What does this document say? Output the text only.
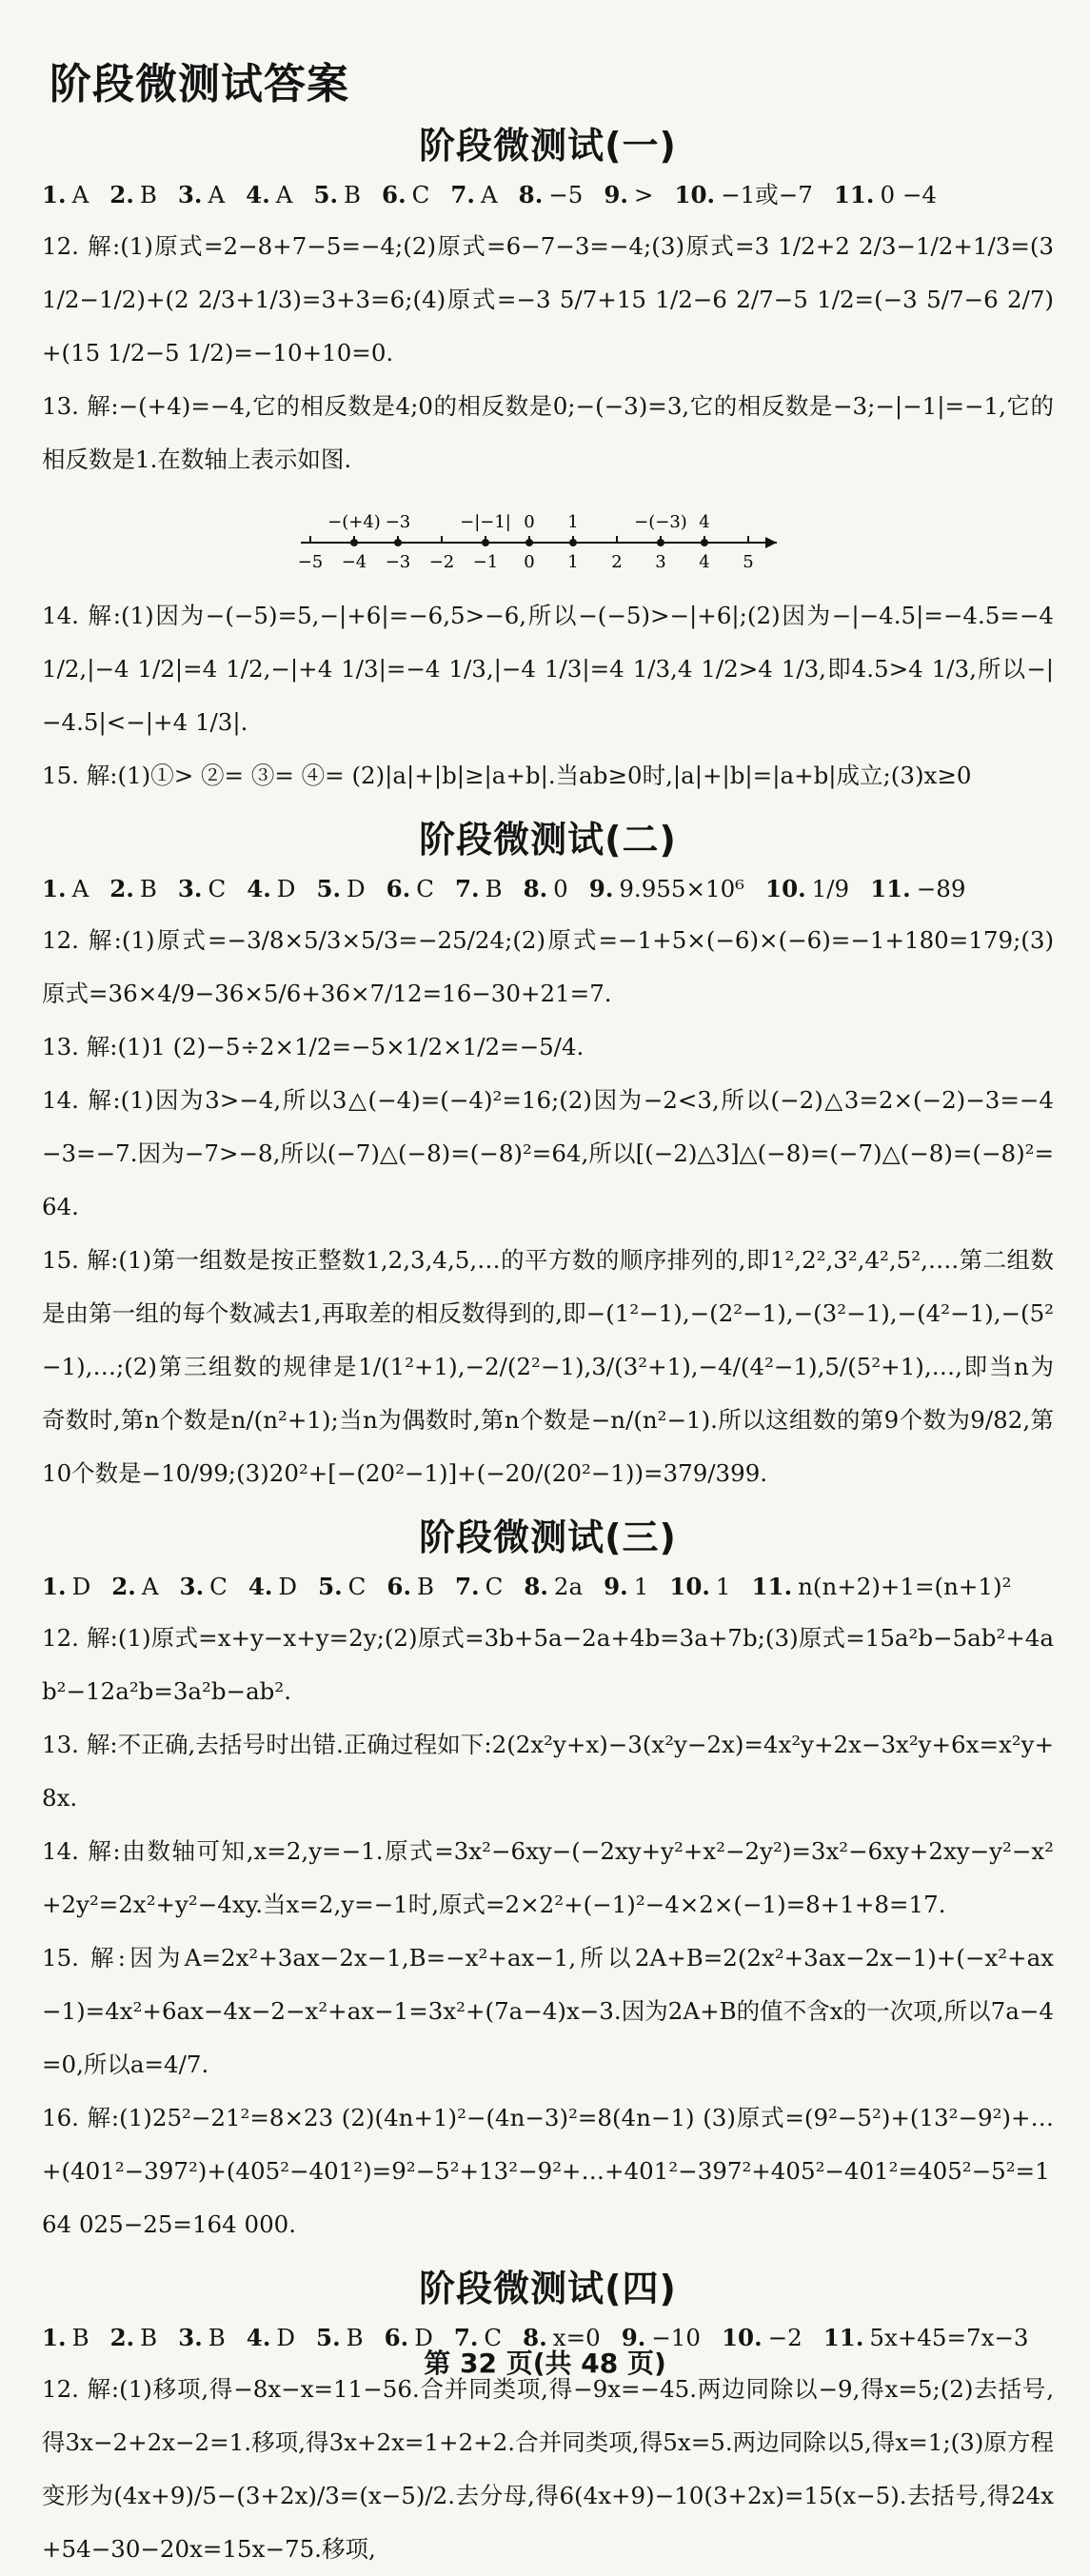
阶段微测试答案
阶段微测试(一)
1. A 2. B 3. A 4. A 5. B 6. C 7. A 8. −5 9. > 10. −1或−7 11. 0 −4

12. 解:(1)原式=2−8+7−5=−4;(2)原式=6−7−3=−4;(3)原式=3 1/2+2 2/3−1/2+1/3=(3 1/2−1/2)+(2 2/3+1/3)=3+3=6;(4)原式=−3 5/7+15 1/2−6 2/7−5 1/2=(−3 5/7−6 2/7)+(15 1/2−5 1/2)=−10+10=0.

13. 解:−(+4)=−4,它的相反数是4;0的相反数是0;−(−3)=3,它的相反数是−3;−|−1|=−1,它的相反数是1.在数轴上表示如图.

−5 −4 −3 −2 −1 0 1 2 3 4 5
−(+4) −3	−|−1| 0 1	−(−3) 4

14. 解:(1)因为−(−5)=5,−|+6|=−6,5>−6,所以−(−5)>−|+6|;(2)因为−|−4.5|=−4.5=−4 1/2,|−4 1/2|=4 1/2,−|+4 1/3|=−4 1/3,|−4 1/3|=4 1/3,4 1/2>4 1/3,即4.5>4 1/3,所以−|−4.5|<−|+4 1/3|.

15. 解:(1)①> ②= ③= ④= (2)|a|+|b|≥|a+b|.当ab≥0时,|a|+|b|=|a+b|成立;(3)x≥0

阶段微测试(二)
1. A 2. B 3. C 4. D 5. D 6. C 7. B 8. 0 9. 9.955×10⁶ 10. 1/9 11. −89

12. 解:(1)原式=−3/8×5/3×5/3=−25/24;(2)原式=−1+5×(−6)×(−6)=−1+180=179;(3)原式=36×4/9−36×5/6+36×7/12=16−30+21=7.

13. 解:(1)1 (2)−5÷2×1/2=−5×1/2×1/2=−5/4.

14. 解:(1)因为3>−4,所以3△(−4)=(−4)²=16;(2)因为−2<3,所以(−2)△3=2×(−2)−3=−4−3=−7.因为−7>−8,所以(−7)△(−8)=(−8)²=64,所以[(−2)△3]△(−8)=(−7)△(−8)=(−8)²=64.

15. 解:(1)第一组数是按正整数1,2,3,4,5,…的平方数的顺序排列的,即1²,2²,3²,4²,5²,….第二组数是由第一组的每个数减去1,再取差的相反数得到的,即−(1²−1),−(2²−1),−(3²−1),−(4²−1),−(5²−1),…;(2)第三组数的规律是1/(1²+1),−2/(2²−1),3/(3²+1),−4/(4²−1),5/(5²+1),…,即当n为奇数时,第n个数是n/(n²+1);当n为偶数时,第n个数是−n/(n²−1).所以这组数的第9个数为9/82,第10个数是−10/99;(3)20²+[−(20²−1)]+(−20/(20²−1))=379/399.

阶段微测试(三)
1. D 2. A 3. C 4. D 5. C 6. B 7. C 8. 2a 9. 1 10. 1 11. n(n+2)+1=(n+1)²

12. 解:(1)原式=x+y−x+y=2y;(2)原式=3b+5a−2a+4b=3a+7b;(3)原式=15a²b−5ab²+4ab²−12a²b=3a²b−ab².

13. 解:不正确,去括号时出错.正确过程如下:2(2x²y+x)−3(x²y−2x)=4x²y+2x−3x²y+6x=x²y+8x.

14. 解:由数轴可知,x=2,y=−1.原式=3x²−6xy−(−2xy+y²+x²−2y²)=3x²−6xy+2xy−y²−x²+2y²=2x²+y²−4xy.当x=2,y=−1时,原式=2×2²+(−1)²−4×2×(−1)=8+1+8=17.

15. 解:因为A=2x²+3ax−2x−1,B=−x²+ax−1,所以2A+B=2(2x²+3ax−2x−1)+(−x²+ax−1)=4x²+6ax−4x−2−x²+ax−1=3x²+(7a−4)x−3.因为2A+B的值不含x的一次项,所以7a−4=0,所以a=4/7.

16. 解:(1)25²−21²=8×23 (2)(4n+1)²−(4n−3)²=8(4n−1) (3)原式=(9²−5²)+(13²−9²)+…+(401²−397²)+(405²−401²)=9²−5²+13²−9²+…+401²−397²+405²−401²=405²−5²=164 025−25=164 000.

阶段微测试(四)
1. B 2. B 3. B 4. D 5. B 6. D 7. C 8. x=0 9. −10 10. −2 11. 5x+45=7x−3

12. 解:(1)移项,得−8x−x=11−56.合并同类项,得−9x=−45.两边同除以−9,得x=5;(2)去括号,得3x−2+2x−2=1.移项,得3x+2x=1+2+2.合并同类项,得5x=5.两边同除以5,得x=1;(3)原方程变形为(4x+9)/5−(3+2x)/3=(x−5)/2.去分母,得6(4x+9)−10(3+2x)=15(x−5).去括号,得24x+54−30−20x=15x−75.移项,

第 32 页(共 48 页)
